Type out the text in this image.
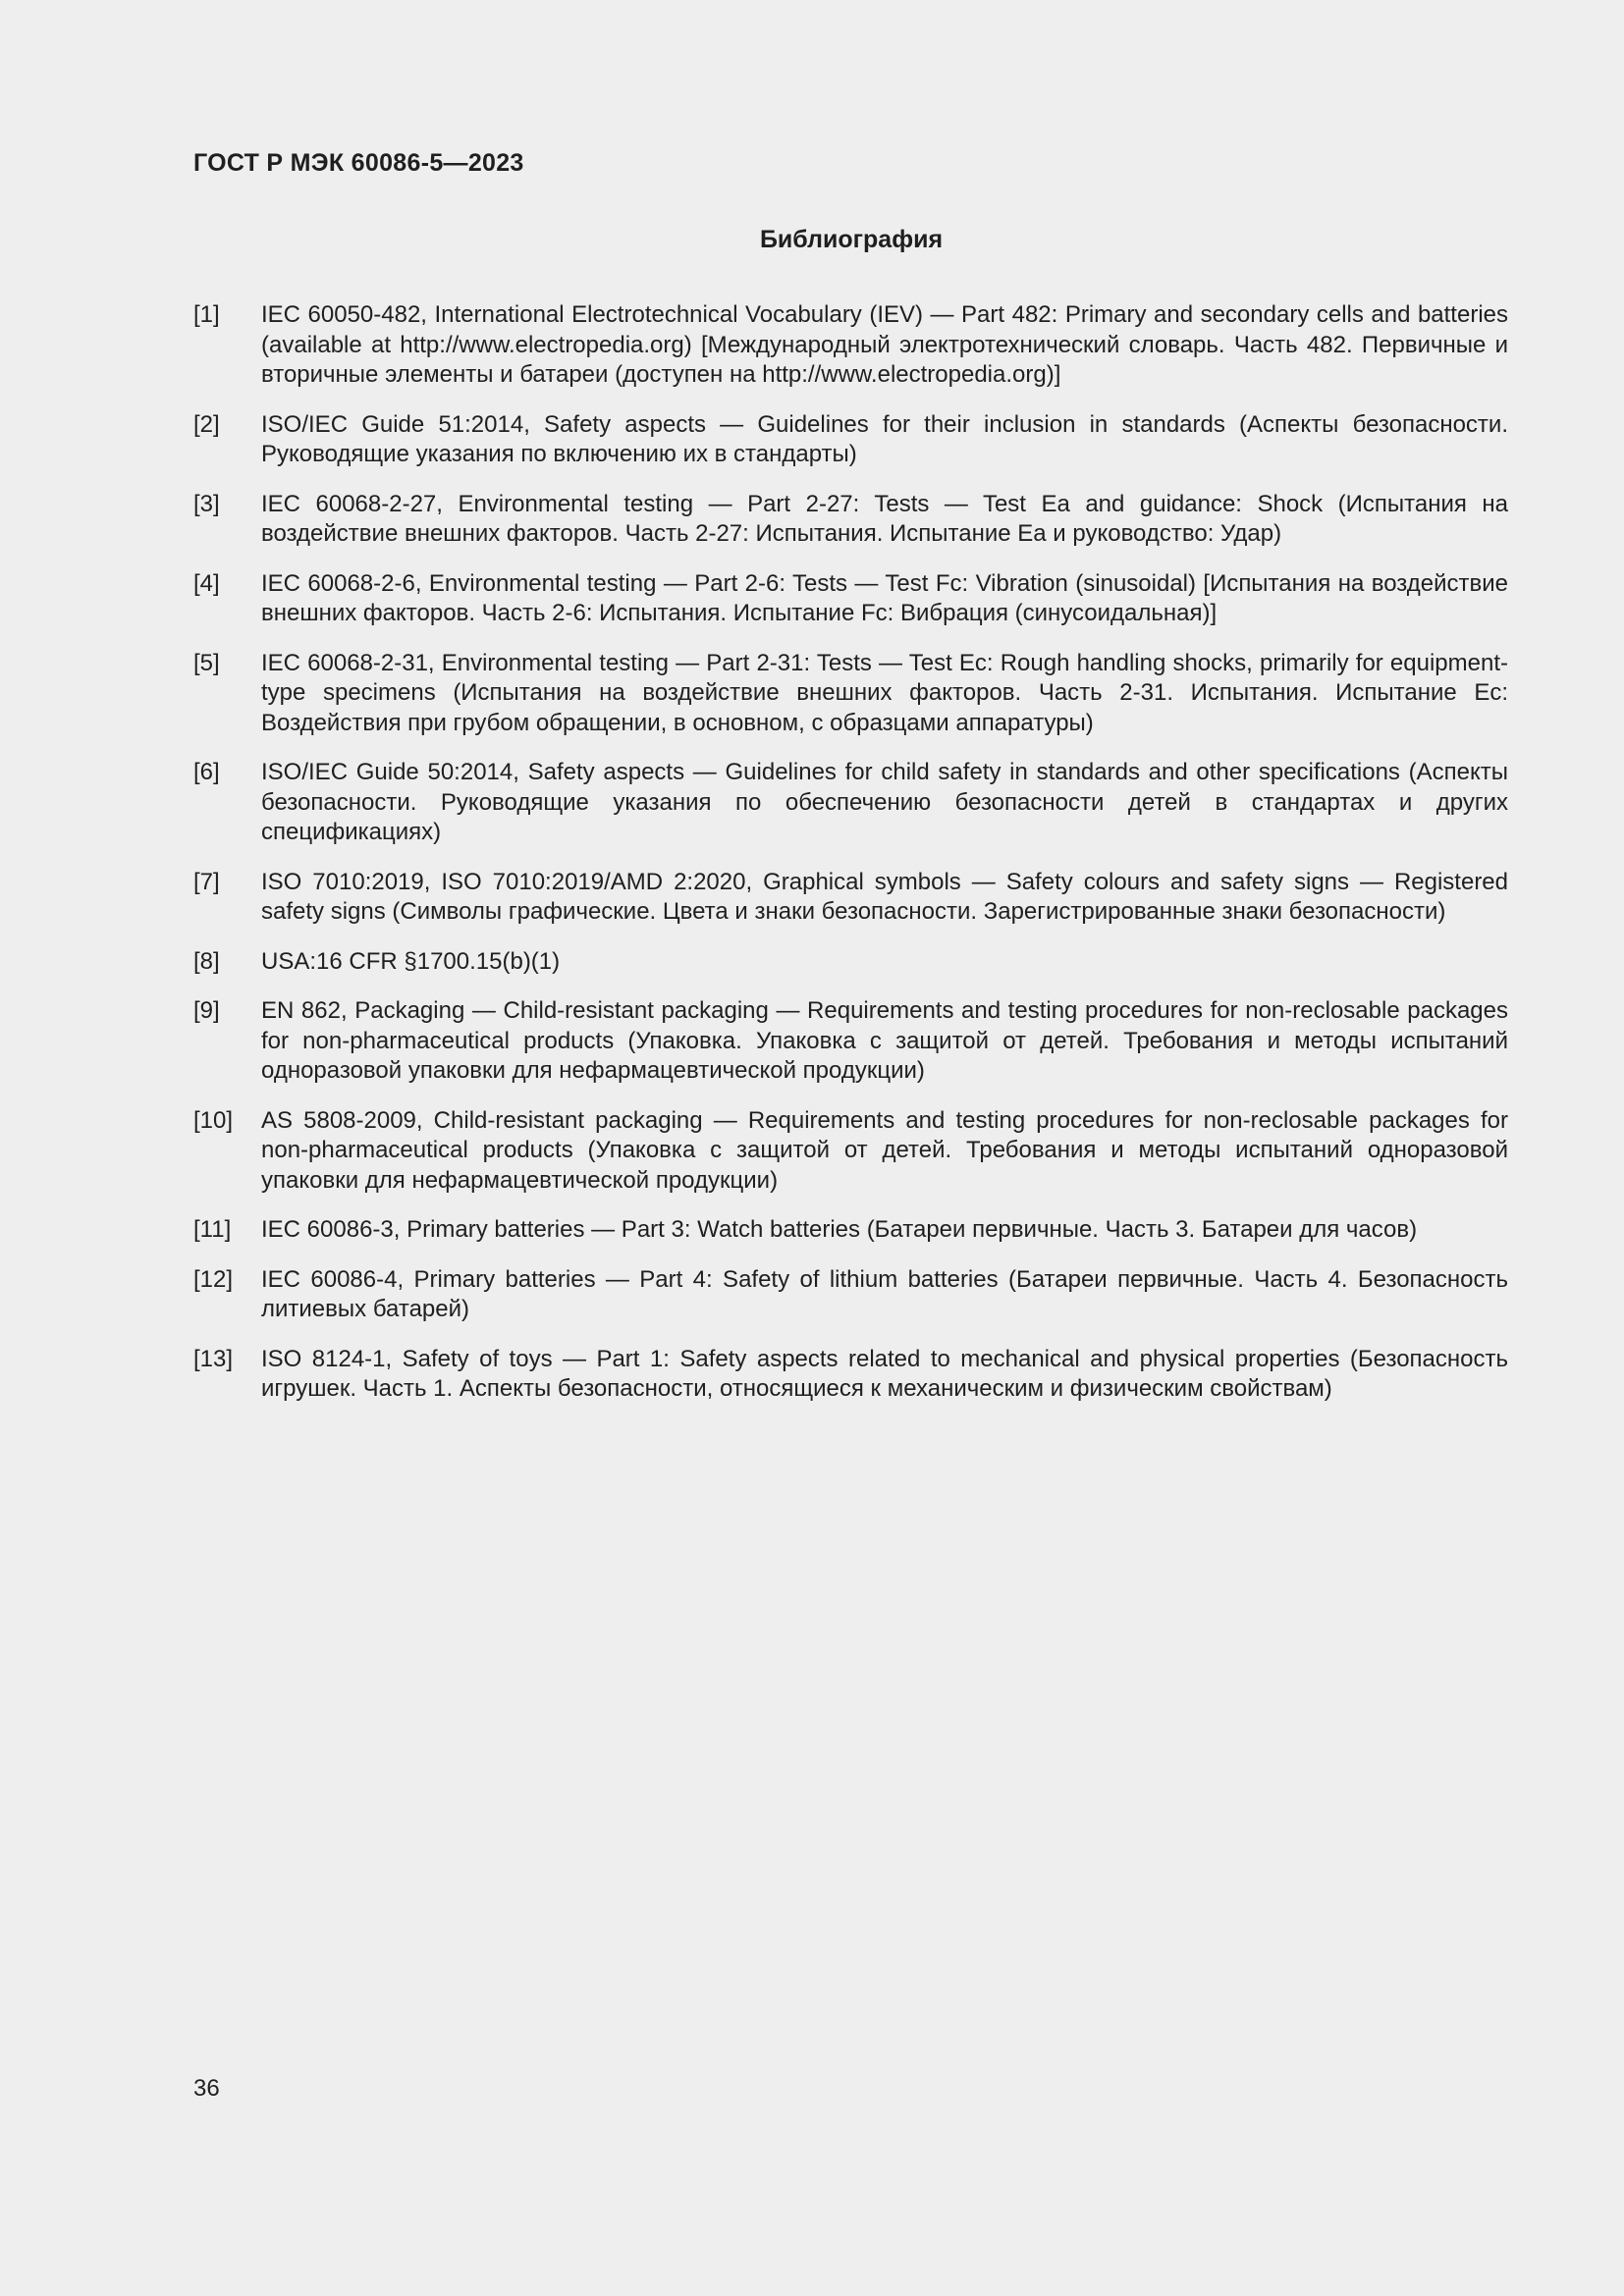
ГОСТ Р МЭК 60086-5—2023
Библиография
[1]	IEC 60050-482, International Electrotechnical Vocabulary (IEV) — Part 482: Primary and secondary cells and batteries (available at http://www.electropedia.org) [Международный электротехнический словарь. Часть 482. Первичные и вторичные элементы и батареи (доступен на http://www.electropedia.org)]
[2]	ISO/IEC Guide 51:2014, Safety aspects — Guidelines for their inclusion in standards (Аспекты безопасности. Руководящие указания по включению их в стандарты)
[3]	IEC 60068-2-27, Environmental testing — Part 2-27: Tests — Test Ea and guidance: Shock (Испытания на воздействие внешних факторов. Часть 2-27: Испытания. Испытание Ea и руководство: Удар)
[4]	IEC 60068-2-6, Environmental testing — Part 2-6: Tests — Test Fc: Vibration (sinusoidal) [Испытания на воздействие внешних факторов. Часть 2-6: Испытания. Испытание Fc: Вибрация (синусоидальная)]
[5]	IEC 60068-2-31, Environmental testing — Part 2-31: Tests — Test Ec: Rough handling shocks, primarily for equipment-type specimens (Испытания на воздействие внешних факторов. Часть 2-31. Испытания. Испытание Ec: Воздействия при грубом обращении, в основном, с образцами аппаратуры)
[6]	ISO/IEC Guide 50:2014, Safety aspects — Guidelines for child safety in standards and other specifications (Аспекты безопасности. Руководящие указания по обеспечению безопасности детей в стандартах и других спецификациях)
[7]	ISO 7010:2019, ISO 7010:2019/AMD 2:2020, Graphical symbols — Safety colours and safety signs — Registered safety signs (Символы графические. Цвета и знаки безопасности. Зарегистрированные знаки безопасности)
[8]	USA:16 CFR §1700.15(b)(1)
[9]	EN 862, Packaging — Child-resistant packaging — Requirements and testing procedures for non-reclosable packages for non-pharmaceutical products (Упаковка. Упаковка с защитой от детей. Требования и методы испытаний одноразовой упаковки для нефармацевтической продукции)
[10]	AS 5808-2009, Child-resistant packaging — Requirements and testing procedures for non-reclosable packages for non-pharmaceutical products (Упаковка с защитой от детей. Требования и методы испытаний одноразовой упаковки для нефармацевтической продукции)
[11]	IEC 60086-3, Primary batteries — Part 3: Watch batteries (Батареи первичные. Часть 3. Батареи для часов)
[12]	IEC 60086-4, Primary batteries — Part 4: Safety of lithium batteries (Батареи первичные. Часть 4. Безопасность литиевых батарей)
[13]	ISO 8124-1, Safety of toys — Part 1: Safety aspects related to mechanical and physical properties (Безопасность игрушек. Часть 1. Аспекты безопасности, относящиеся к механическим и физическим свойствам)

36
